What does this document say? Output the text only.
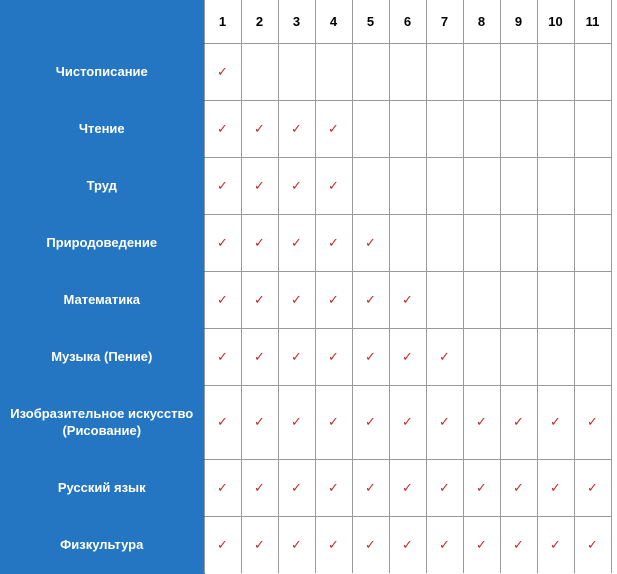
	1	2	3	4	5	6	7	8	9	10	11
Чистописание	✓										
Чтение	✓	✓	✓	✓							
Труд	✓	✓	✓	✓							
Природоведение	✓	✓	✓	✓	✓						
Математика	✓	✓	✓	✓	✓	✓					
Музыка (Пение)	✓	✓	✓	✓	✓	✓	✓				
Изобразительное искусство (Рисование)	✓	✓	✓	✓	✓	✓	✓	✓	✓	✓	✓
Русский язык	✓	✓	✓	✓	✓	✓	✓	✓	✓	✓	✓
Физкультура	✓	✓	✓	✓	✓	✓	✓	✓	✓	✓	✓
